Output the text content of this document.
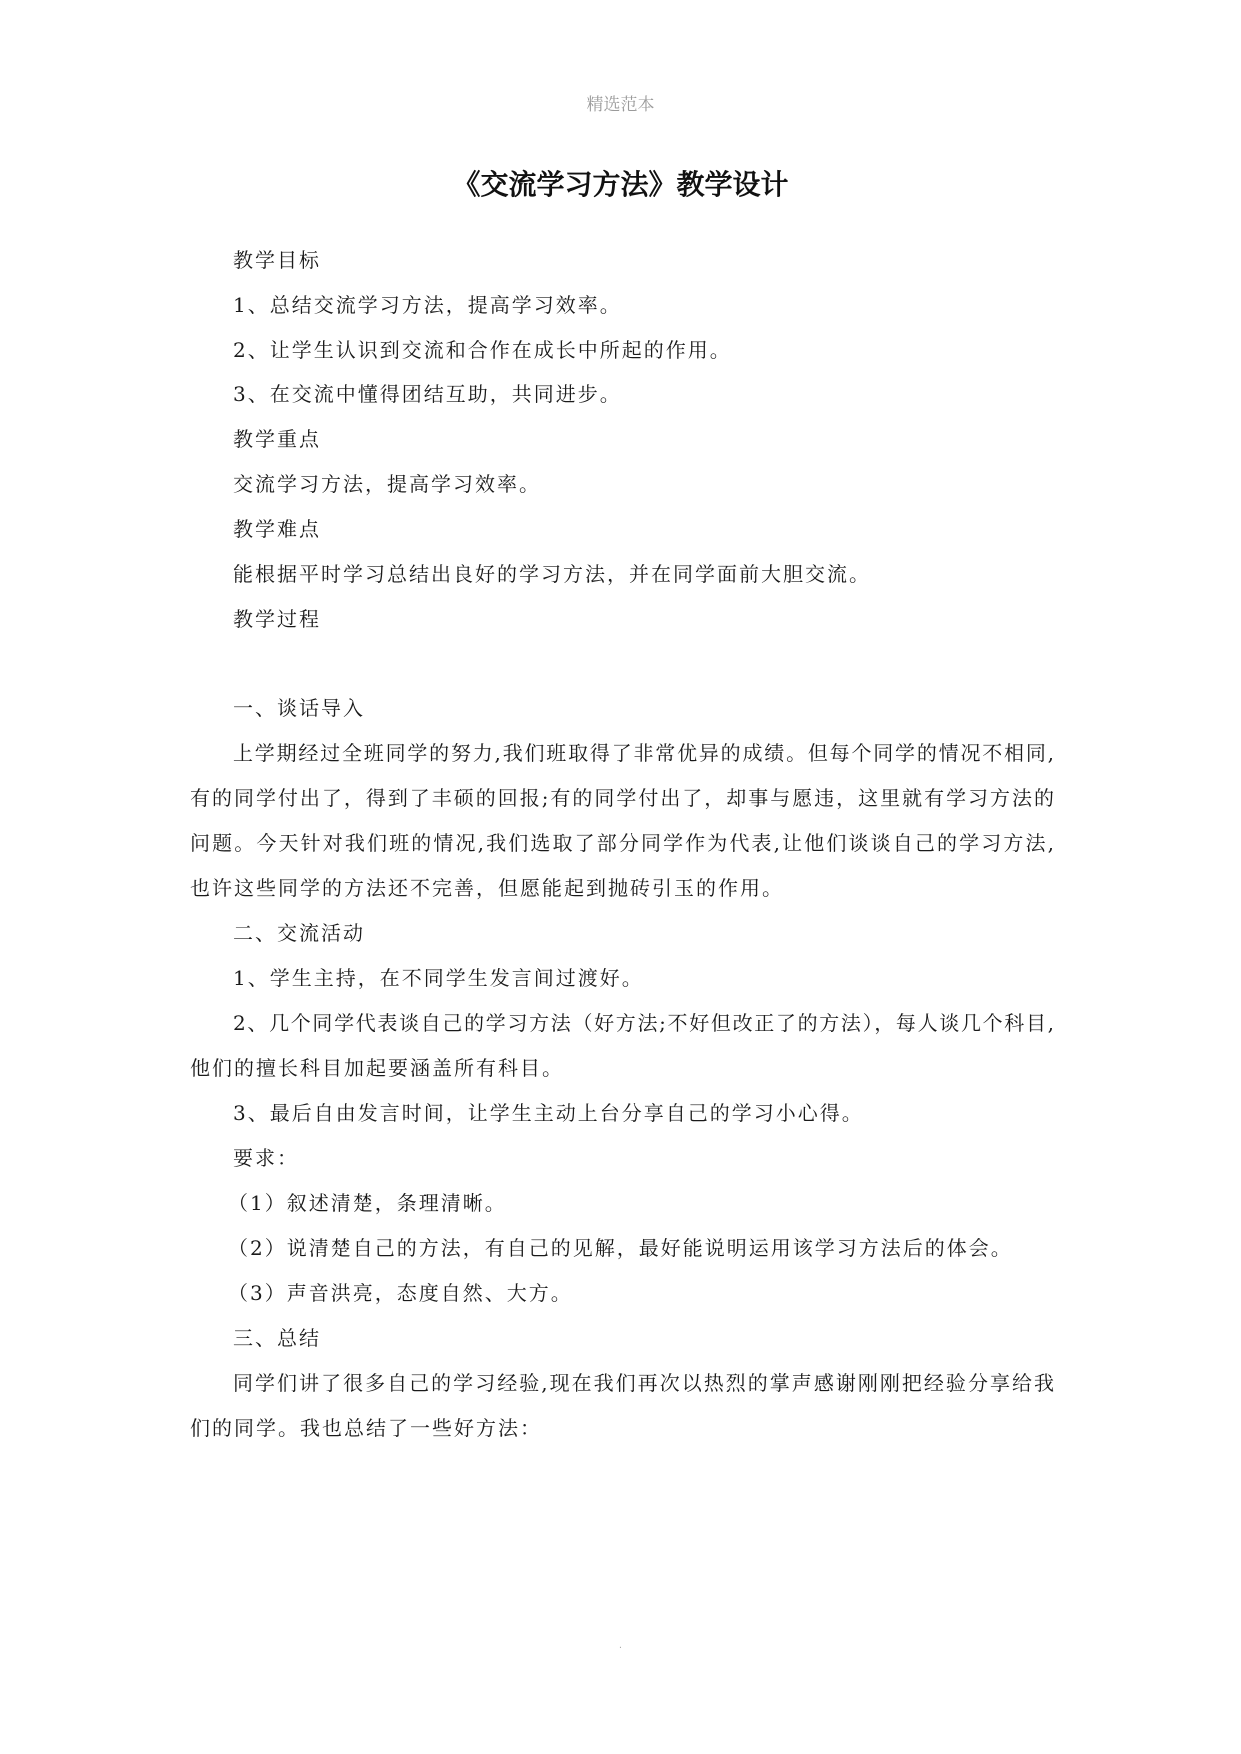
精选范本
《交流学习方法》教学设计
教学目标
1、总结交流学习方法，提高学习效率。
2、让学生认识到交流和合作在成长中所起的作用。
3、在交流中懂得团结互助，共同进步。
教学重点
交流学习方法，提高学习效率。
教学难点
能根据平时学习总结出良好的学习方法，并在同学面前大胆交流。
教学过程
一、谈话导入
上学期经过全班同学的努力,我们班取得了非常优异的成绩。但每个同学的情况不相同,
有的同学付出了，得到了丰硕的回报;有的同学付出了，却事与愿违，这里就有学习方法的
问题。今天针对我们班的情况,我们选取了部分同学作为代表,让他们谈谈自己的学习方法,
也许这些同学的方法还不完善，但愿能起到抛砖引玉的作用。
二、交流活动
1、学生主持，在不同学生发言间过渡好。
2、几个同学代表谈自己的学习方法（好方法;不好但改正了的方法），每人谈几个科目,
他们的擅长科目加起要涵盖所有科目。
3、最后自由发言时间，让学生主动上台分享自己的学习小心得。
要求：
（1）叙述清楚，条理清晰。
（2）说清楚自己的方法，有自己的见解，最好能说明运用该学习方法后的体会。
（3）声音洪亮，态度自然、大方。
三、总结
同学们讲了很多自己的学习经验,现在我们再次以热烈的掌声感谢刚刚把经验分享给我
们的同学。我也总结了一些好方法：
.
